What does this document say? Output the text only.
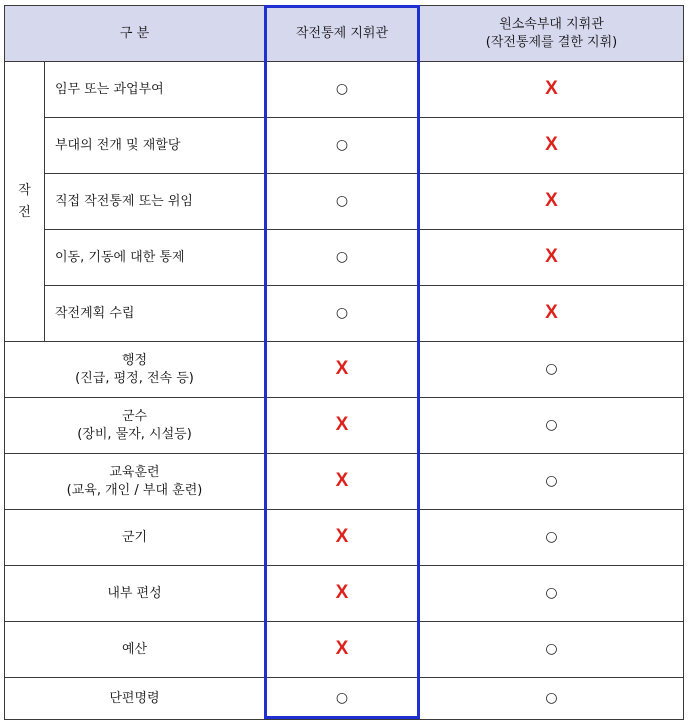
구 분		작전통제 지휘관	원소속부대 지휘관
(작전통제를 결한 지휘)

작
전	임무 또는 과업부여	○	X
	부대의 전개 및 재할당	○	X
	직접 작전통제 또는 위임	○	X
	이동, 기동에 대한 통제	○	X
	작전계획 수립	○	X
행정
(진급, 평정, 전속 등)		X	○
군수
(장비, 물자, 시설등)		X	○
교육훈련
(교육, 개인 / 부대 훈련)		X	○
군기		X	○
내부 편성		X	○
예산		X	○
단편명령		○	○
